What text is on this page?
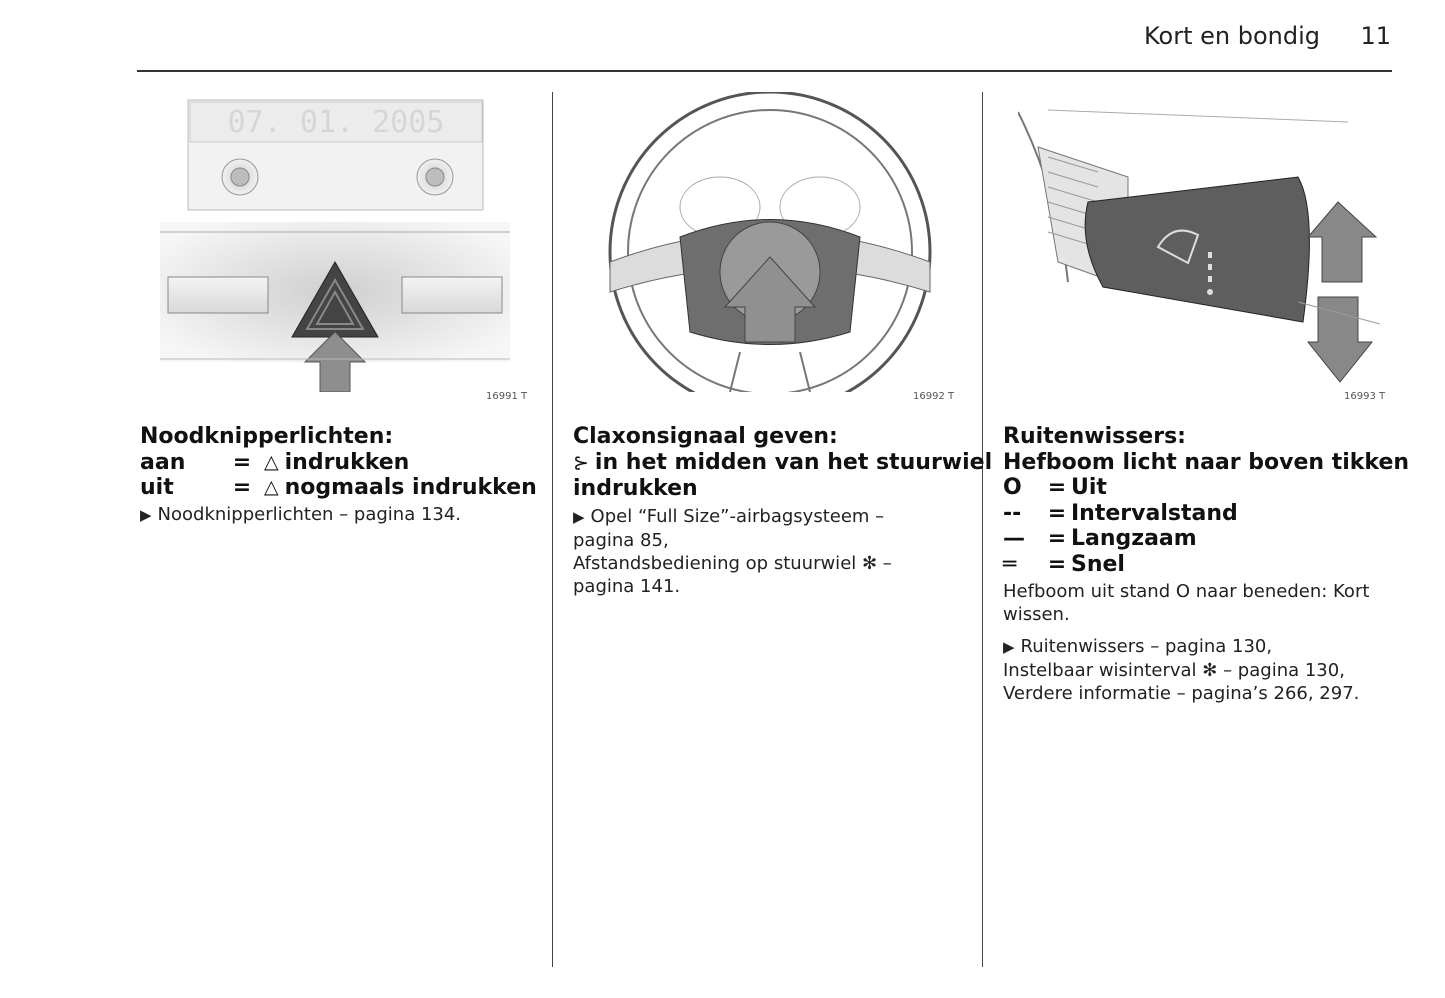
Kort en bondig 11
07. 01. 2005
16991 T	16992 T	16993 T
Noodknipperlichten:
aan	= △ indrukken
uit	= △ nogmaals indrukken
▶ Noodknipperlichten – pagina 134.
Claxonsignaal geven:
⊱ in het midden van het stuurwiel
indrukken
▶ Opel “Full Size”-airbagsysteem –
pagina 85,
Afstandsbediening op stuurwiel ✻ –
pagina 141.
Ruitenwissers:
Hefboom licht naar boven tikken
O	= Uit
--	= Intervalstand
—	= Langzaam
═	= Snel
Hefboom uit stand O naar beneden: Kort
wissen.
▶ Ruitenwissers – pagina 130,
Instelbaar wisinterval ✻ – pagina 130,
Verdere informatie – pagina’s 266, 297.
